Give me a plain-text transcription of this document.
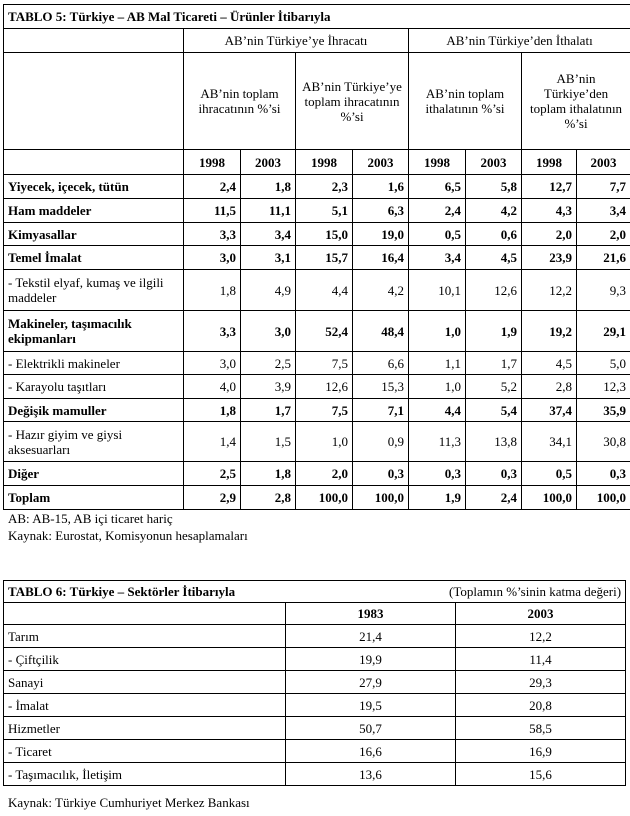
TABLO 5: Türkiye – AB Mal Ticareti – Ürünler İtibarıyla								
	AB’nin Türkiye’ye İhracatı				AB’nin Türkiye’den İthalatı			
	AB’nin toplam ihracatının %’si		AB’nin Türkiye’ye toplam ihracatının %’si		AB’nin toplam ithalatının %’si		AB’nin Türkiye’den toplam ithalatının %’si	
	1998	2003	1998	2003	1998	2003	1998	2003
Yiyecek, içecek, tütün	2,4	1,8	2,3	1,6	6,5	5,8	12,7	7,7
Ham maddeler	11,5	11,1	5,1	6,3	2,4	4,2	4,3	3,4
Kimyasallar	3,3	3,4	15,0	19,0	0,5	0,6	2,0	2,0
Temel İmalat	3,0	3,1	15,7	16,4	3,4	4,5	23,9	21,6
- Tekstil elyaf, kumaş ve ilgili maddeler	1,8	4,9	4,4	4,2	10,1	12,6	12,2	9,3
Makineler, taşımacılık ekipmanları	3,3	3,0	52,4	48,4	1,0	1,9	19,2	29,1
- Elektrikli makineler	3,0	2,5	7,5	6,6	1,1	1,7	4,5	5,0
- Karayolu taşıtları	4,0	3,9	12,6	15,3	1,0	5,2	2,8	12,3
Değişik mamuller	1,8	1,7	7,5	7,1	4,4	5,4	37,4	35,9
- Hazır giyim ve giysi aksesuarları	1,4	1,5	1,0	0,9	11,3	13,8	34,1	30,8
Diğer	2,5	1,8	2,0	0,3	0,3	0,3	0,5	0,3
Toplam	2,9	2,8	100,0	100,0	1,9	2,4	100,0	100,0
AB: AB-15, AB içi ticaret hariç
Kaynak: Eurostat, Komisyonun hesaplamaları
TABLO 6: Türkiye – Sektörler İtibarıyla (Toplamın %’sinin katma değeri)		

	1983	2003
Tarım	21,4	12,2
- Çiftçilik	19,9	11,4
Sanayi	27,9	29,3
- İmalat	19,5	20,8
Hizmetler	50,7	58,5
- Ticaret	16,6	16,9
- Taşımacılık, İletişim	13,6	15,6
Kaynak: Türkiye Cumhuriyet Merkez Bankası
